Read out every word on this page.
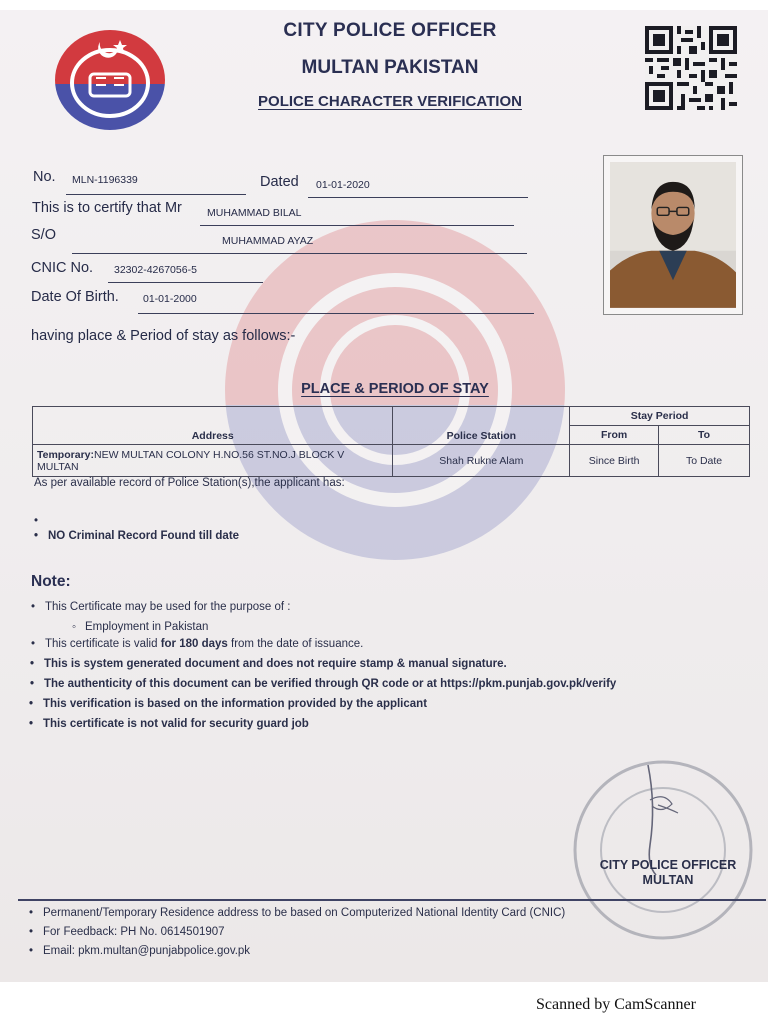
CITY POLICE OFFICER
MULTAN PAKISTAN
POLICE CHARACTER VERIFICATION
No. MLN-1196339	Dated 01-01-2020
This is to certify that Mr MUHAMMAD BILAL
S/O	MUHAMMAD AYAZ
CNIC No. 32302-4267056-5
Date Of Birth. 01-01-2000
having place & Period of stay as follows:-
PLACE & PERIOD OF STAY
Address	Police Station	Stay Period	
		From	To
Temporary:NEW MULTAN COLONY H.NO.56 ST.NO.J BLOCK V MULTAN	Shah Rukne Alam	Since Birth	To Date
As per available record of Police Station(s),the applicant has:
• NO Criminal Record Found till date
Note:
• This Certificate may be used for the purpose of :
◦ Employment in Pakistan
• This certificate is valid for 180 days from the date of issuance.
• This is system generated document and does not require stamp & manual signature.
• The authenticity of this document can be verified through QR code or at https://pkm.punjab.gov.pk/verify
• This verification is based on the information provided by the applicant
• This certificate is not valid for security guard job
CITY POLICE OFFICER
MULTAN
• Permanent/Temporary Residence address to be based on Computerized National Identity Card (CNIC)
• For Feedback: PH No. 0614501907
• Email: pkm.multan@punjabpolice.gov.pk
Scanned by CamScanner
